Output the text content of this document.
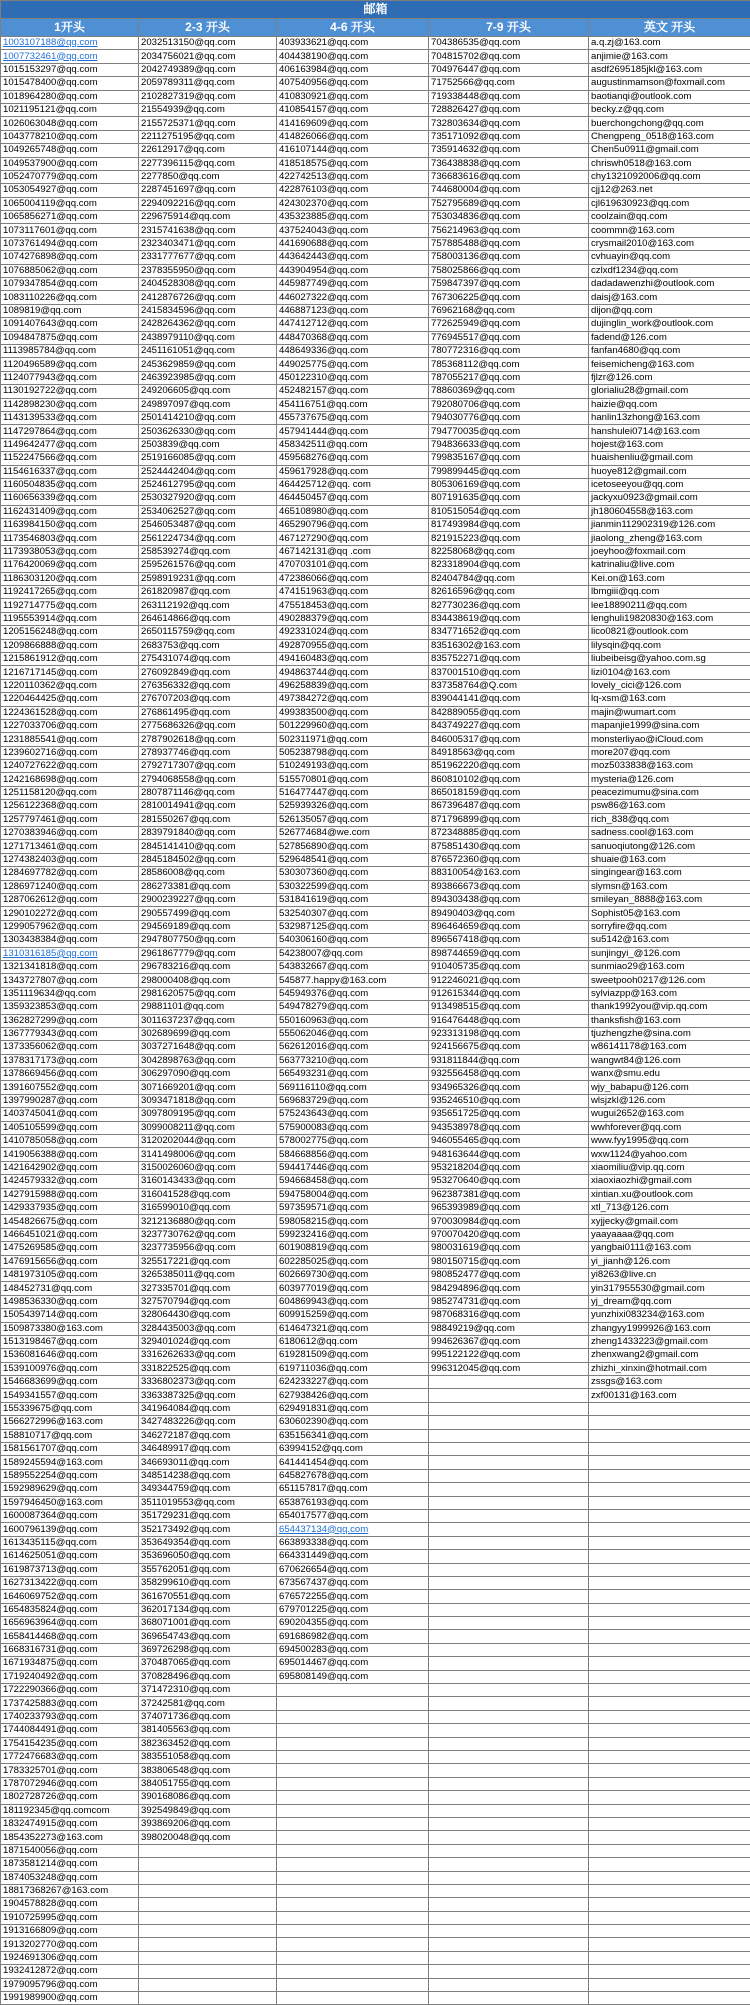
邮箱				
1开头	2-3 开头	4-6 开头	7-9 开头	英文 开头
1003107188@qq.com	2032513150@qq.com	403933621@qq.com	704386535@qq.com	a.q.zj@163.com
1007732461@qq.com	2034756021@qq.com	404438190@qq.com	704815702@qq.com	anjimie@163.com
1015153297@qq.com	2042749389@qq.com	406163984@qq.com	704976447@qq.com	asdf2695185jkl@163.com
1015478400@qq.com	2059789311@qq.com	407540956@qq.com	71752566@qq.com	augustinmamson@foxmail.com
1018964280@qq.com	2102827319@qq.com	410830921@qq.com	719338448@qq.com	baotianqi@outlook.com
1021195121@qq.com	21554939@qq.com	410854157@qq.com	728826427@qq.com	becky.z@qq.com
1026063048@qq.com	2155725371@qq.com	414169609@qq.com	732803634@qq.com	buerchongchong@qq.com
1043778210@qq.com	2211275195@qq.com	414826066@qq.com	735171092@qq.com	Chengpeng_0518@163.com
1049265748@qq.com	22612917@qq.com	416107144@qq.com	735914632@qq.com	Chen5u0911@gmail.com
1049537900@qq.com	2277396115@qq.com	418518575@qq.com	736438838@qq.com	chriswh0518@163.com
1052470779@qq.com	2277850@qq.com	422742513@qq.com	736683616@qq.com	chy1321092006@qq.com
1053054927@qq.com	2287451697@qq.com	422876103@qq.com	744680004@qq.com	cjj12@263.net
1065004119@qq.com	2294092216@qq.com	424302370@qq.com	752795689@qq.com	cjl619630923@qq.com
1065856271@qq.com	229675914@qq.com	435323885@qq.com	753034836@qq.com	coolzain@qq.com
1073117601@qq.com	2315741638@qq.com	437524043@qq.com	756214963@qq.com	coommn@163.com
1073761494@qq.com	2323403471@qq.com	441690688@qq.com	757885488@qq.com	crysmail2010@163.com
1074276898@qq.com	2331777677@qq.com	443642443@qq.com	758003136@qq.com	cvhuayin@qq.com
1076885062@qq.com	2378355950@qq.com	443904954@qq.com	758025866@qq.com	czlxdf1234@qq.com
1079347854@qq.com	2404528308@qq.com	445987749@qq.com	759847397@qq.com	dadadawenzhi@outlook.com
1083110226@qq.com	2412876726@qq.com	446027322@qq.com	767306225@qq.com	daisj@163.com
1089819@qq.com	2415834596@qq.com	446887123@qq.com	76962168@qq.com	dijon@qq.com
1091407643@qq.com	2428264362@qq.com	447412712@qq.com	772625949@qq.com	dujinglin_work@outlook.com
1094847875@qq.com	2438979110@qq.com	448470368@qq.com	776945517@qq.com	fadend@126.com
1113985784@qq.com	2451161051@qq.com	448649336@qq.com	780772316@qq.com	fanfan4680@qq.com
1120496589@qq.com	2453629859@qq.com	449025775@qq.com	785368112@qq.com	feisemicheng@163.com
1124077943@qq.com	2463923985@qq.com	450122310@qq.com	787055217@qq.com	fjlzr@126.com
1130192722@qq.com	249206605@qq.com	452482157@qq.com	78860369@qq.com	glorialiu28@gmail.com
1142898230@qq.com	249897097@qq.com	454116751@qq.com	792080706@qq.com	haizie@qq.com
1143139533@qq.com	2501414210@qq.com	455737675@qq.com	794030776@qq.com	hanlin13zhong@163.com
1147297864@qq.com	2503626330@qq.com	457941444@qq.com	794770035@qq.com	hanshulei0714@163.com
1149642477@qq.com	2503839@qq.com	458342511@qq.com	794836633@qq.com	hojest@163.com
1152247566@qq.com	2519166085@qq.com	459568276@qq.com	799835167@qq.com	huaishenliu@gmail.com
1154616337@qq.com	2524442404@qq.com	459617928@qq.com	799899445@qq.com	huoye812@gmail.com
1160504835@qq.com	2524612795@qq.com	464425712@qq. com	805306169@qq.com	icetoseeyou@qq.com
1160656339@qq.com	2530327920@qq.com	464450457@qq.com	807191635@qq.com	jackyxu0923@gmail.com
1162431409@qq.com	2534062527@qq.com	465108980@qq.com	810515054@qq.com	jh180604558@163.com
1163984150@qq.com	2546053487@qq.com	465290796@qq.com	817493984@qq.com	jianmin112902319@126.com
1173546803@qq.com	2561224734@qq.com	467127290@qq.com	821915223@qq.com	jiaolong_zheng@163.com
1173938053@qq.com	258539274@qq.com	467142131@qq .com	82258068@qq.com	joeyhoo@foxmail.com
1176420069@qq.com	2595261576@qq.com	470703101@qq.com	823318904@qq.com	katrinaliu@live.com
1186303120@qq.com	2598919231@qq.com	472386066@qq.com	82404784@qq.com	Kei.on@163.com
1192417265@qq.com	261820987@qq.com	474151963@qq.com	82616596@qq.com	lbmgiii@qq.com
1192714775@qq.com	263112192@qq.com	475518453@qq.com	827730236@qq.com	lee18890211@qq.com
1195553914@qq.com	264614866@qq.com	490288379@qq.com	834438619@qq.com	lenghuli19820830@163.com
1205156248@qq.com	2650115759@qq.com	492331024@qq.com	834771652@qq.com	lico0821@outlook.com
1209866888@qq.com	2683753@qq.com	492870955@qq.com	83516302@163.com	lilysqin@qq.com
1215861912@qq.com	275431074@qq.com	494160483@qq.com	835752271@qq.com	liubeibeisg@yahoo.com.sg
1216717145@qq.com	276092849@qq.com	494863744@qq.com	837001510@qq.com	lizi0104@163.com
1220110362@qq.com	276356332@qq.com	496258839@qq.com	837358764@Q.com	lovely_cici@126.com
1220464425@qq.com	276707203@qq.com	497384272@qq.com	839044141@qq.com	lq-xsm@163.com
1224361528@qq.com	276861495@qq.com	499383500@qq.com	842889055@qq.com	majin@wumart.com
1227033706@qq.com	2775686326@qq.com	501229960@qq.com	843749227@qq.com	mapanjie1999@sina.com
1231885541@qq.com	2787902618@qq.com	502311971@qq.com	846005317@qq.com	monsterliyao@iCloud.com
1239602716@qq.com	278937746@qq.com	505238798@qq.com	84918563@qq.com	more207@qq.com
1240727622@qq.com	2792717307@qq.com	510249193@qq.com	851962220@qq.com	moz5033838@163.com
1242168698@qq.com	2794068558@qq.com	515570801@qq.com	860810102@qq.com	mysteria@126.com
1251158120@qq.com	2807871146@qq.com	516477447@qq.com	865018159@qq.com	peacezimumu@sina.com
1256122368@qq.com	2810014941@qq.com	525939326@qq.com	867396487@qq.com	psw86@163.com
1257797461@qq.com	281550267@qq.com	526135057@qq.com	871796899@qq.com	rich_838@qq.com
1270383946@qq.com	2839791840@qq.com	526774684@we.com	872348885@qq.com	sadness.cool@163.com
1271713461@qq.com	2845141410@qq.com	527856890@qq.com	875851430@qq.com	sanuoqiutong@126.com
1274382403@qq.com	2845184502@qq.com	529648541@qq.com	876572360@qq.com	shuaie@163.com
1284697782@qq.com	28586008@qq.com	530307360@qq.com	88310054@163.com	singingear@163.com
1286971240@qq.com	286273381@qq.com	530322599@qq.com	893866673@qq.com	slymsn@163.com
1287062612@qq.com	2900239227@qq.com	531841619@qq.com	894303438@qq.com	smileyan_8888@163.com
1290102272@qq.com	290557499@qq.com	532540307@qq.com	89490403@qq.com	Sophist05@163.com
1299057962@qq.com	294569189@qq.com	532987125@qq.com	896464659@qq.com	sorryfire@qq.com
1303438384@qq.com	2947807750@qq.com	540306160@qq.com	896567418@qq.com	su5142@163.com
1310316185@qq.com	2961867779@qq.com	54238007@qq.com	898744659@qq.com	sunjingyi_@126.com
1321341818@qq.com	296783216@qq.com	543832667@qq.com	910405735@qq.com	sunmiao29@163.com
1343727807@qq.com	298000408@qq.com	545877.happy@163.com	912246021@qq.com	sweetpooh0217@126.com
1351119634@qq.com	2981620575@qq.com	545949376@qq.com	912615344@qq.com	sylviazpp@163.com
1359323853@qq.com	29881101@qq.com	549478279@qq.com	913498515@qq.com	thank1992you@vip.qq.com
1362827299@qq.com	3011637237@qq.com	550160963@qq.com	916476448@qq.com	thanksfish@163.com
1367779343@qq.com	302689699@qq.com	555062046@qq.com	923313198@qq.com	tjuzhengzhe@sina.com
1373356062@qq.com	3037271648@qq.com	562612016@qq.com	924156675@qq.com	w86141178@163.com
1378317173@qq.com	3042898763@qq.com	563773210@qq.com	931811844@qq.com	wangwt84@126.com
1378669456@qq.com	306297090@qq.com	565493231@qq.com	932556458@qq.com	wanx@smu.edu
1391607552@qq.com	3071669201@qq.com	569116110@qq.com	934965326@qq.com	wjy_babapu@126.com
1397990287@qq.com	3093471818@qq.com	569683729@qq.com	935246510@qq.com	wlsjzkl@126.com
1403745041@qq.com	3097809195@qq.com	575243643@qq.com	935651725@qq.com	wugui2652@163.com
1405105599@qq.com	3099008211@qq.com	575900083@qq.com	943538978@qq.com	wwhforever@qq.com
1410785058@qq.com	3120202044@qq.com	578002775@qq.com	946055465@qq.com	www.fyy1995@qq.com
1419056388@qq.com	3141498006@qq.com	584668856@qq.com	948163644@qq.com	wxw1124@yahoo.com
1421642902@qq.com	3150026060@qq.com	594417446@qq.com	953218204@qq.com	xiaomiliu@vip.qq.com
1424579332@qq.com	3160143433@qq.com	594668458@qq.com	953270640@qq.com	xiaoxiaozhi@gmail.com
1427915988@qq.com	316041528@qq.com	594758004@qq.com	962387381@qq.com	xintian.xu@outlook.com
1429337935@qq.com	316599010@qq.com	597359571@qq.com	965393989@qq.com	xtl_713@126.com
1454826675@qq.com	3212136880@qq.com	598058215@qq.com	970030984@qq.com	xyjjecky@gmail.com
1466451021@qq.com	3237730762@qq.com	599232416@qq.com	970070420@qq.com	yaayaaaa@qq.com
1475269585@qq.com	3237735956@qq.com	601908819@qq.com	980031619@qq.com	yangbai0111@163.com
1476915656@qq.com	325517221@qq.com	602285025@qq.com	980150715@qq.com	yi_jianh@126.com
1481973105@qq.com	3265385011@qq.com	602669730@qq.com	980852477@qq.com	yi8263@live.cn
148452731@qq.com	327335701@qq.com	603977019@qq.com	984294896@qq.com	yin317955530@gmail.com
1498536330@qq.com	327570794@qq.com	604869943@qq.com	985274731@qq.com	yj_dream@qq.com
1505439714@qq.com	328064430@qq.com	609915259@qq.com	987068316@qq.com	yunzhixi083234@163.com
1509873380@163.com	3284435003@qq.com	614647321@qq.com	98849219@qq.com	zhangyy1999926@163.com
1513198467@qq.com	329401024@qq.com	6180612@qq.com	994626367@qq.com	zheng1433223@gmail.com
1536081646@qq.com	3316262633@qq.com	619281509@qq.com	995122122@qq.com	zhenxwang2@gmail.com
1539100976@qq.com	331822525@qq.com	619711036@qq.com	996312045@qq.com	zhizhi_xinxin@hotmail.com
1546683699@qq.com	3336802373@qq.com	624233227@qq.com		zssgs@163.com
1549341557@qq.com	3363387325@qq.com	627938426@qq.com		zxf00131@163.com
155339675@qq.com	341964084@qq.com	629491831@qq.com		
1566272996@163.com	3427483226@qq.com	630602390@qq.com		
158810717@qq.com	346272187@qq.com	635156341@qq.com		
1581561707@qq.com	346489917@qq.com	63994152@qq.com		
1589245594@163.com	346693011@qq.com	641441454@qq.com		
1589552254@qq.com	348514238@qq.com	645827678@qq.com		
1592989629@qq.com	349344759@qq.com	651157817@qq.com		
1597946450@163.com	3511019553@qq.com	653876193@qq.com		
1600087364@qq.com	351729231@qq.com	654017577@qq.com		
1600796139@qq.com	352173492@qq.com	654437134@qq.com		
1613435115@qq.com	353649354@qq.com	663893338@qq.com		
1614625051@qq.com	353696050@qq.com	664331449@qq.com		
1619873713@qq.com	355762051@qq.com	670626654@qq.com		
1627313422@qq.com	358299610@qq.com	673567437@qq.com		
1646069752@qq.com	361670551@qq.com	676572255@qq.com		
1654835824@qq.com	362017134@qq.com	679701225@qq.com		
1656963964@qq.com	368071001@qq.com	690204355@qq.com		
1658414468@qq.com	369654743@qq.com	691686982@qq.com		
1668316731@qq.com	369726298@qq.com	694500283@qq.com		
1671934875@qq.com	370487065@qq.com	695014467@qq.com		
1719240492@qq.com	370828496@qq.com	695808149@qq.com		
1722290366@qq.com	371472310@qq.com			
1737425883@qq.com	37242581@qq.com			
1740233793@qq.com	374071736@qq.com			
1744084491@qq.com	381405563@qq.com			
1754154235@qq.com	382363452@qq.com			
1772476683@qq.com	383551058@qq.com			
1783325701@qq.com	383806548@qq.com			
1787072946@qq.com	384051755@qq.com			
1802728726@qq.com	390168086@qq.com			
181192345@qq.comcom	392549849@qq.com			
1832474915@qq.com	393869206@qq.com			
1854352273@163.com	398020048@qq.com			
1871540056@qq.com				
1873581214@qq.com				
1874053248@qq.com				
18817368267@163.com				
1904578828@qq.com				
1910725995@qq.com				
1913166809@qq.com				
1913202770@qq.com				
1924691306@qq.com				
1932412872@qq.com				
1979095796@qq.com				
1991989900@qq.com				
